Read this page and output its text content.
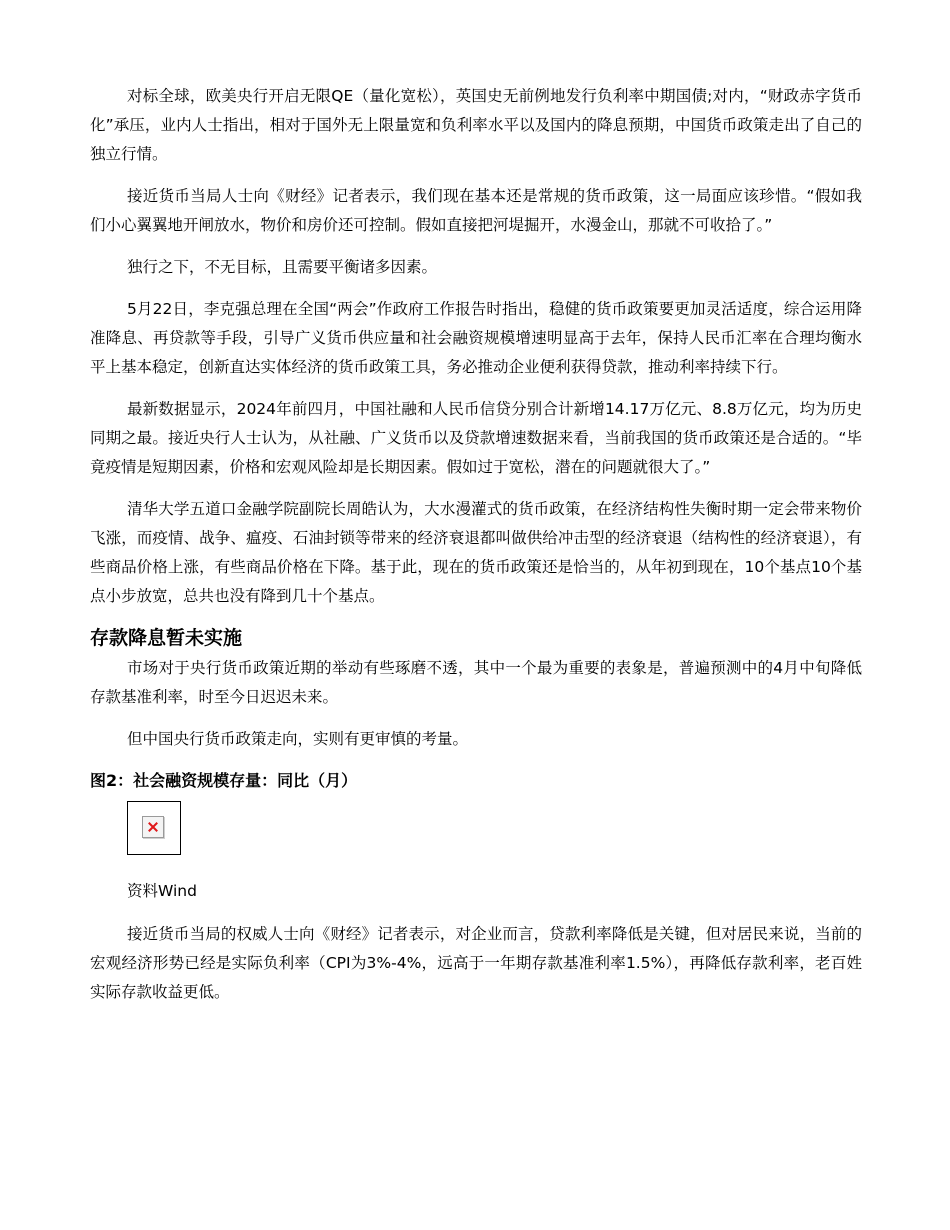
对标全球，欧美央行开启无限QE（量化宽松），英国史无前例地发行负利率中期国债;对内，“财政赤字货币化”承压，业内人士指出，相对于国外无上限量宽和负利率水平以及国内的降息预期，中国货币政策走出了自己的独立行情。

接近货币当局人士向《财经》记者表示，我们现在基本还是常规的货币政策，这一局面应该珍惜。“假如我们小心翼翼地开闸放水，物价和房价还可控制。假如直接把河堤掘开，水漫金山，那就不可收拾了。”

独行之下，不无目标，且需要平衡诸多因素。

5月22日，李克强总理在全国“两会”作政府工作报告时指出，稳健的货币政策要更加灵活适度，综合运用降准降息、再贷款等手段，引导广义货币供应量和社会融资规模增速明显高于去年，保持人民币汇率在合理均衡水平上基本稳定，创新直达实体经济的货币政策工具，务必推动企业便利获得贷款，推动利率持续下行。

最新数据显示，2024年前四月，中国社融和人民币信贷分别合计新增14.17万亿元、8.8万亿元，均为历史同期之最。接近央行人士认为，从社融、广义货币以及贷款增速数据来看，当前我国的货币政策还是合适的。“毕竟疫情是短期因素，价格和宏观风险却是长期因素。假如过于宽松，潜在的问题就很大了。”

清华大学五道口金融学院副院长周皓认为，大水漫灌式的货币政策，在经济结构性失衡时期一定会带来物价飞涨，而疫情、战争、瘟疫、石油封锁等带来的经济衰退都叫做供给冲击型的经济衰退（结构性的经济衰退），有些商品价格上涨，有些商品价格在下降。基于此，现在的货币政策还是恰当的，从年初到现在，10个基点10个基点小步放宽，总共也没有降到几十个基点。

存款降息暂未实施

市场对于央行货币政策近期的举动有些琢磨不透，其中一个最为重要的表象是，普遍预测中的4月中旬降低存款基准利率，时至今日迟迟未来。

但中国央行货币政策走向，实则有更审慎的考量。

图2：社会融资规模存量：同比（月）
资料Wind

接近货币当局的权威人士向《财经》记者表示，对企业而言，贷款利率降低是关键，但对居民来说，当前的宏观经济形势已经是实际负利率（CPI为3%-4%，远高于一年期存款基准利率1.5%），再降低存款利率，老百姓实际存款收益更低。
